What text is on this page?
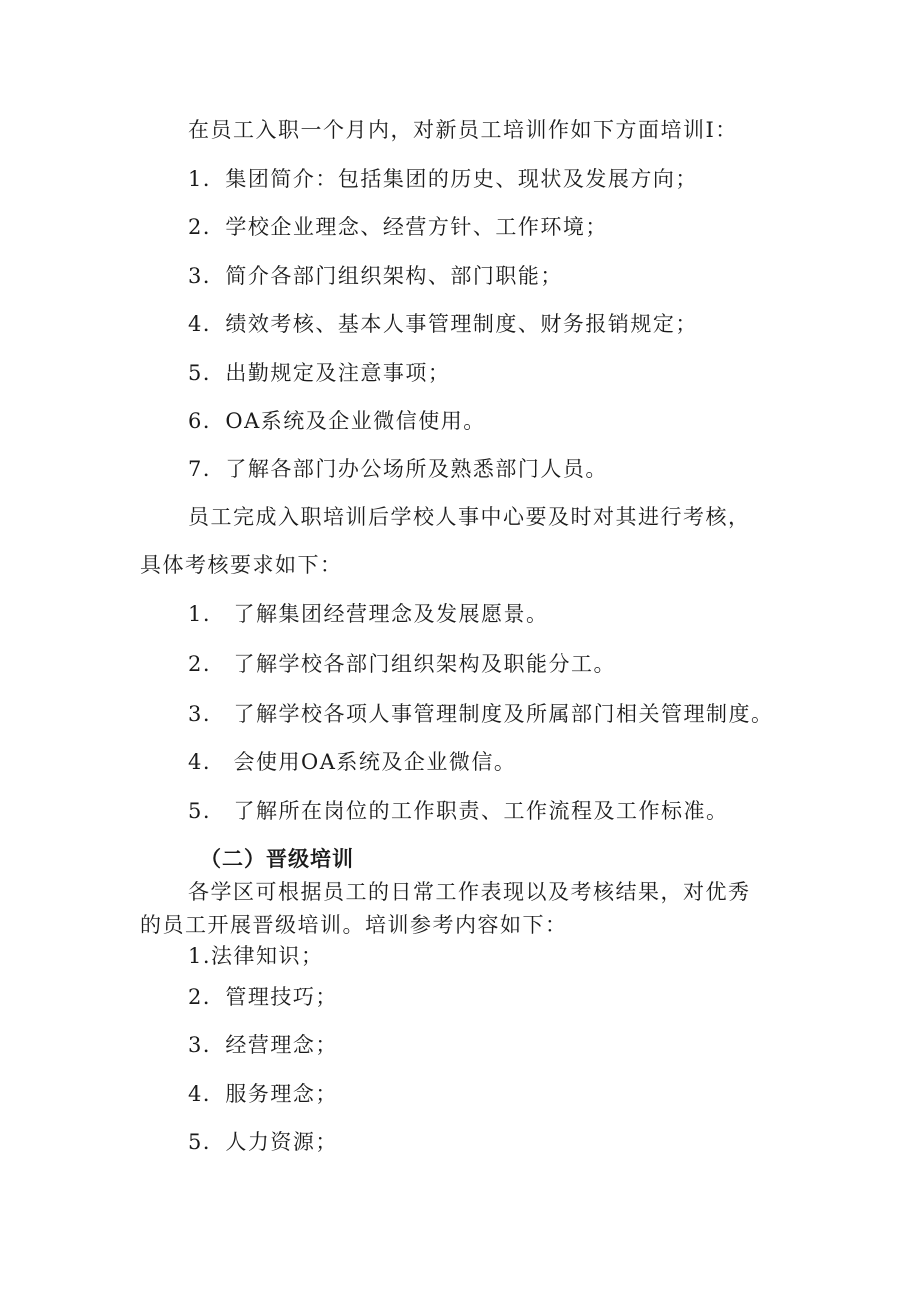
在员工入职一个月内，对新员工培训作如下方面培训I：
1．集团简介：包括集团的历史、现状及发展方向；
2．学校企业理念、经营方针、工作环境；
3．简介各部门组织架构、部门职能；
4．绩效考核、基本人事管理制度、财务报销规定；
5．出勤规定及注意事项；
6．OA系统及企业微信使用。
7．了解各部门办公场所及熟悉部门人员。
员工完成入职培训后学校人事中心要及时对其进行考核，
具体考核要求如下：
1.　了解集团经营理念及发展愿景。
2.　了解学校各部门组织架构及职能分工。
3.　了解学校各项人事管理制度及所属部门相关管理制度。
4.　会使用OA系统及企业微信。
5.　了解所在岗位的工作职责、工作流程及工作标准。
（二）晋级培训
各学区可根据员工的日常工作表现以及考核结果，对优秀
的员工开展晋级培训。培训参考内容如下：
1.法律知识；
2．管理技巧；
3．经营理念；
4．服务理念；
5．人力资源；
